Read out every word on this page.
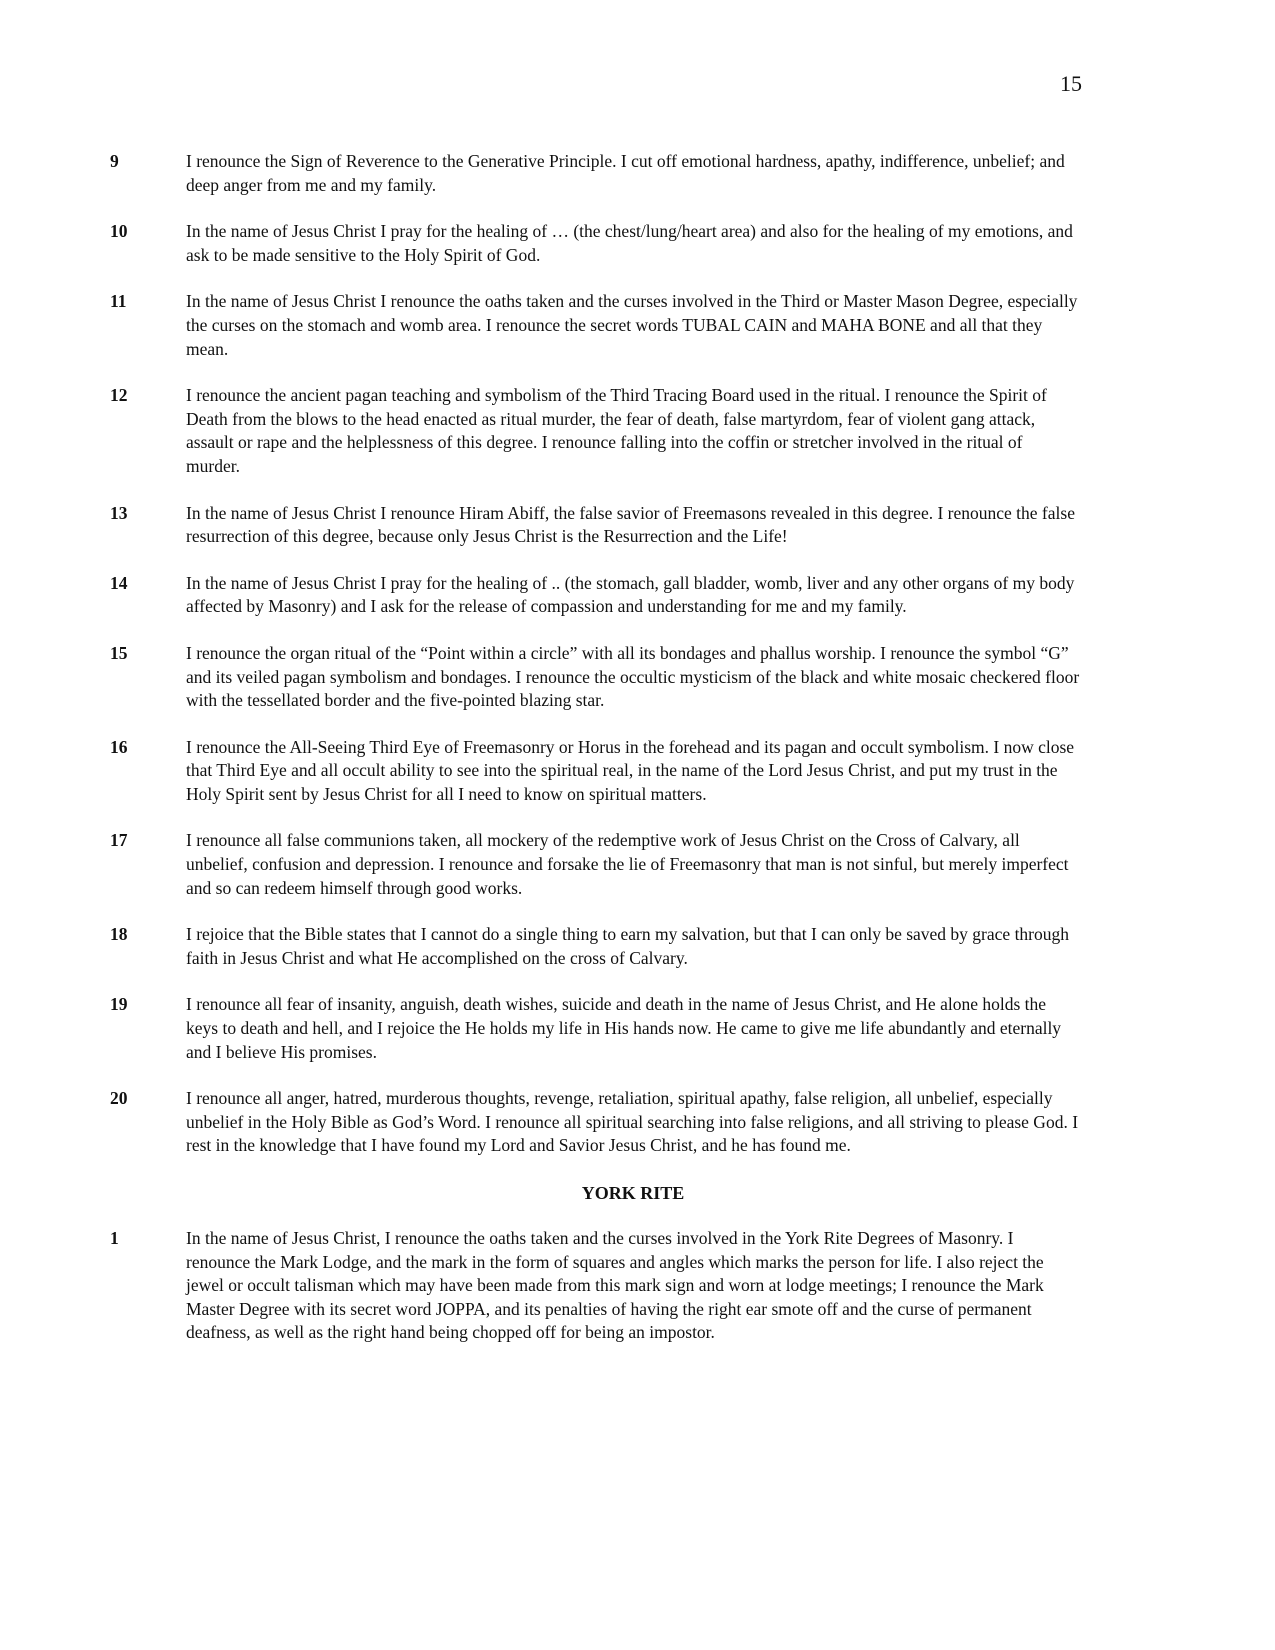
15
9	I renounce the Sign of Reverence to the Generative Principle. I cut off emotional hardness, apathy, indifference, unbelief; and deep anger from me and my family.
10	In the name of Jesus Christ I pray for the healing of … (the chest/lung/heart area) and also for the healing of my emotions, and ask to be made sensitive to the Holy Spirit of God.
11	In the name of Jesus Christ I renounce the oaths taken and the curses involved in the Third or Master Mason Degree, especially the curses on the stomach and womb area. I renounce the secret words TUBAL CAIN and MAHA BONE and all that they mean.
12	I renounce the ancient pagan teaching and symbolism of the Third Tracing Board used in the ritual. I renounce the Spirit of Death from the blows to the head enacted as ritual murder, the fear of death, false martyrdom, fear of violent gang attack, assault or rape and the helplessness of this degree. I renounce falling into the coffin or stretcher involved in the ritual of murder.
13	In the name of Jesus Christ I renounce Hiram Abiff, the false savior of Freemasons revealed in this degree. I renounce the false resurrection of this degree, because only Jesus Christ is the Resurrection and the Life!
14	In the name of Jesus Christ I pray for the healing of .. (the stomach, gall bladder, womb, liver and any other organs of my body affected by Masonry) and I ask for the release of compassion and understanding for me and my family.
15	I renounce the organ ritual of the “Point within a circle” with all its bondages and phallus worship. I renounce the symbol “G” and its veiled pagan symbolism and bondages. I renounce the occultic mysticism of the black and white mosaic checkered floor with the tessellated border and the five-pointed blazing star.
16	I renounce the All-Seeing Third Eye of Freemasonry or Horus in the forehead and its pagan and occult symbolism. I now close that Third Eye and all occult ability to see into the spiritual real, in the name of the Lord Jesus Christ, and put my trust in the Holy Spirit sent by Jesus Christ for all I need to know on spiritual matters.
17	I renounce all false communions taken, all mockery of the redemptive work of Jesus Christ on the Cross of Calvary, all unbelief, confusion and depression. I renounce and forsake the lie of Freemasonry that man is not sinful, but merely imperfect and so can redeem himself through good works.
18	I rejoice that the Bible states that I cannot do a single thing to earn my salvation, but that I can only be saved by grace through faith in Jesus Christ and what He accomplished on the cross of Calvary.
19	I renounce all fear of insanity, anguish, death wishes, suicide and death in the name of Jesus Christ, and He alone holds the keys to death and hell, and I rejoice the He holds my life in His hands now. He came to give me life abundantly and eternally and I believe His promises.
20	I renounce all anger, hatred, murderous thoughts, revenge, retaliation, spiritual apathy, false religion, all unbelief, especially unbelief in the Holy Bible as God’s Word. I renounce all spiritual searching into false religions, and all striving to please God. I rest in the knowledge that I have found my Lord and Savior Jesus Christ, and he has found me.
YORK RITE
1	In the name of Jesus Christ, I renounce the oaths taken and the curses involved in the York Rite Degrees of Masonry. I renounce the Mark Lodge, and the mark in the form of squares and angles which marks the person for life. I also reject the jewel or occult talisman which may have been made from this mark sign and worn at lodge meetings; I renounce the Mark Master Degree with its secret word JOPPA, and its penalties of having the right ear smote off and the curse of permanent deafness, as well as the right hand being chopped off for being an impostor.
